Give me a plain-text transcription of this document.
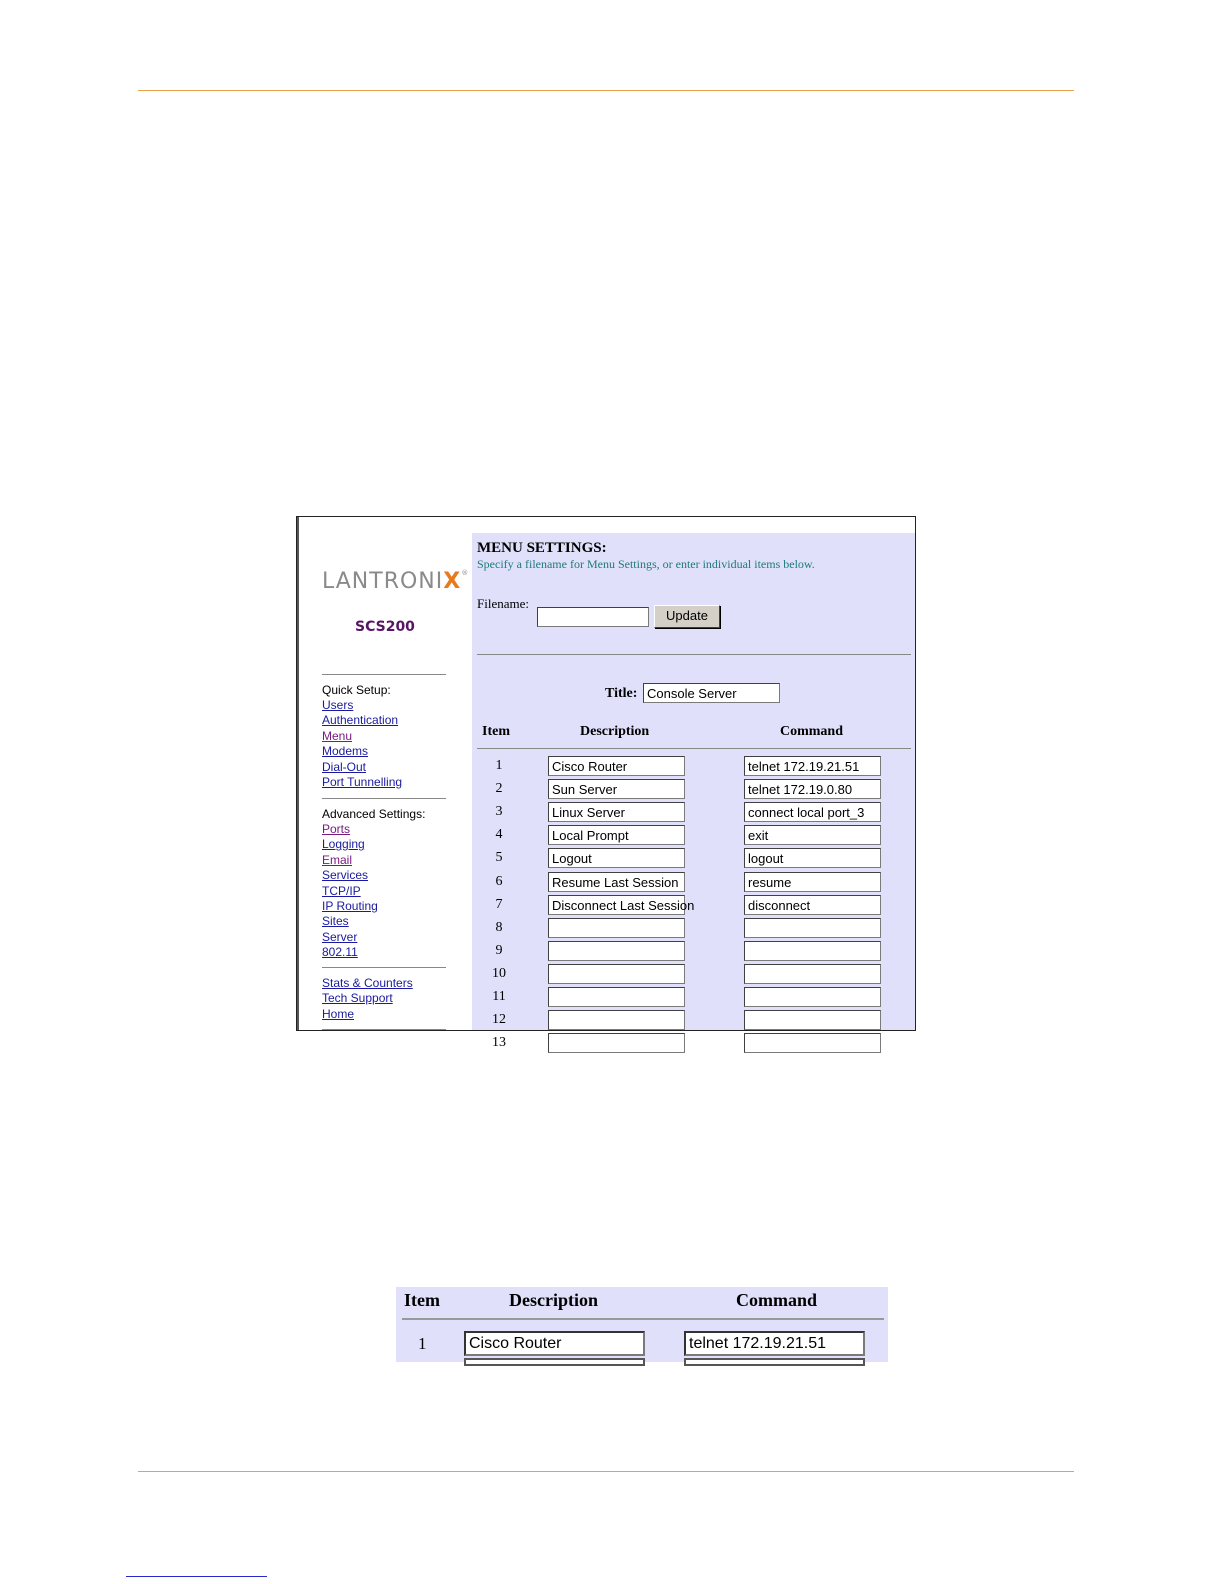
LANTRONIX®
SCS200
Quick Setup:
Users
Authentication
Menu
Modems
Dial-Out
Port Tunnelling
Advanced Settings:
Ports
Logging
Email
Services
TCP/IP
IP Routing
Sites
Server
802.11
Stats & Counters
Tech Support
Home
MENU SETTINGS:
Specify a filename for Menu Settings, or enter individual items below.
Filename:
Update
Title: Console Server
Item	Description	Command
1	Cisco Router	telnet 172.19.21.51
2	Sun Server	telnet 172.19.0.80
3	Linux Server	connect local port_3
4	Local Prompt	exit
5	Logout	logout
6	Resume Last Session	resume
7	Disconnect Last Session	disconnect
8
9
10
11
12
13
Item	Description	Command
1	Cisco Router	telnet 172.19.21.51
